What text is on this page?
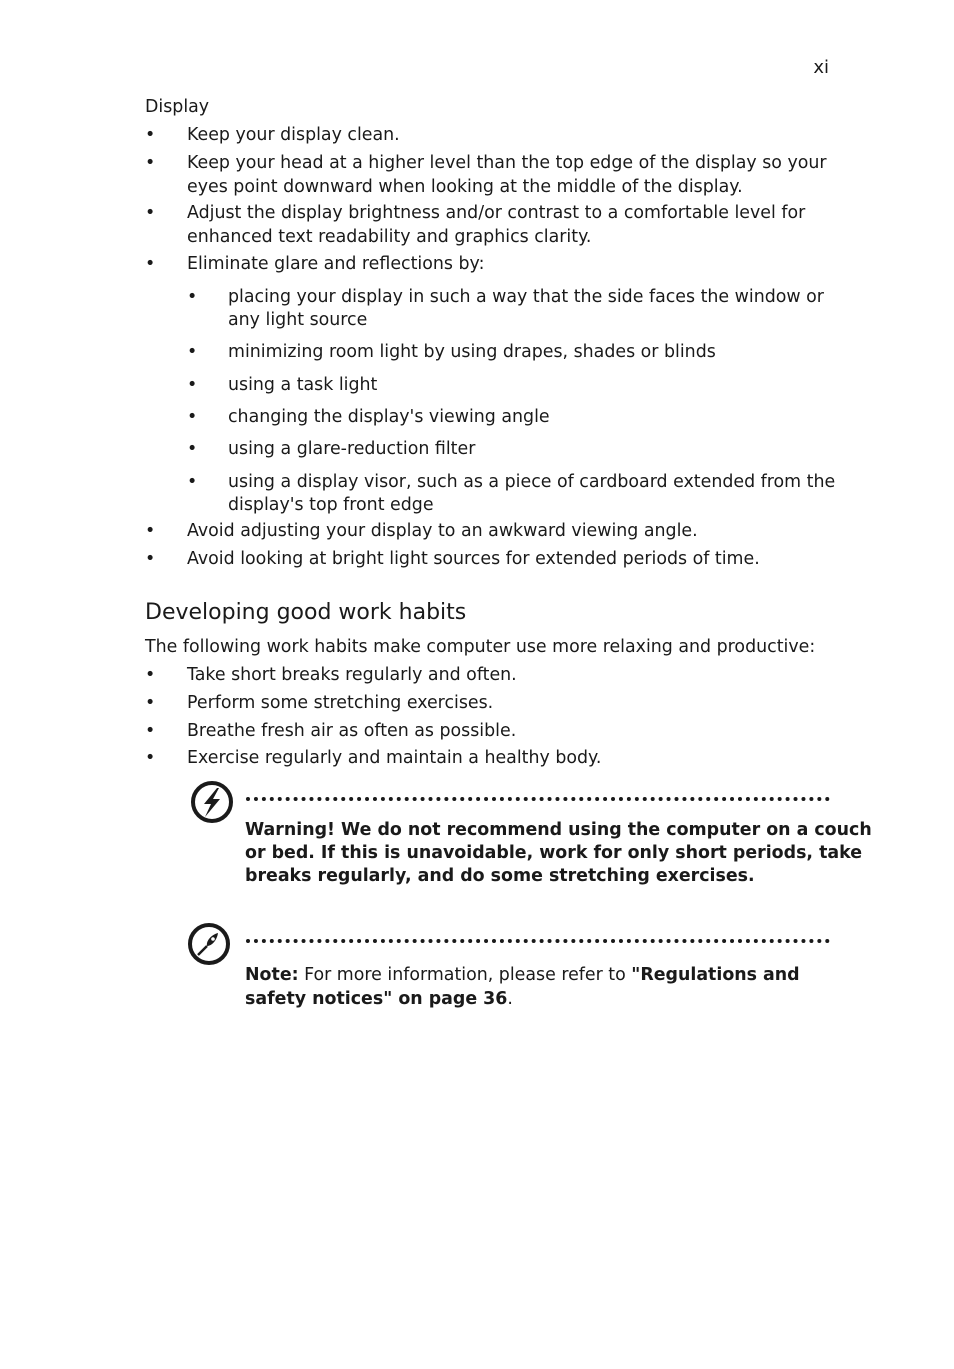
xi
Display
• Keep your display clean.
• Keep your head at a higher level than the top edge of the display so your
eyes point downward when looking at the middle of the display.
• Adjust the display brightness and/or contrast to a comfortable level for
enhanced text readability and graphics clarity.
• Eliminate glare and reflections by:
• placing your display in such a way that the side faces the window or
any light source
• minimizing room light by using drapes, shades or blinds
• using a task light
• changing the display's viewing angle
• using a glare-reduction filter
• using a display visor, such as a piece of cardboard extended from the
display's top front edge
• Avoid adjusting your display to an awkward viewing angle.
• Avoid looking at bright light sources for extended periods of time.
Developing good work habits
The following work habits make computer use more relaxing and productive:
• Take short breaks regularly and often.
• Perform some stretching exercises.
• Breathe fresh air as often as possible.
• Exercise regularly and maintain a healthy body.
Warning! We do not recommend using the computer on a couch
or bed. If this is unavoidable, work for only short periods, take
breaks regularly, and do some stretching exercises.
Note: For more information, please refer to "Regulations and
safety notices" on page 36.
